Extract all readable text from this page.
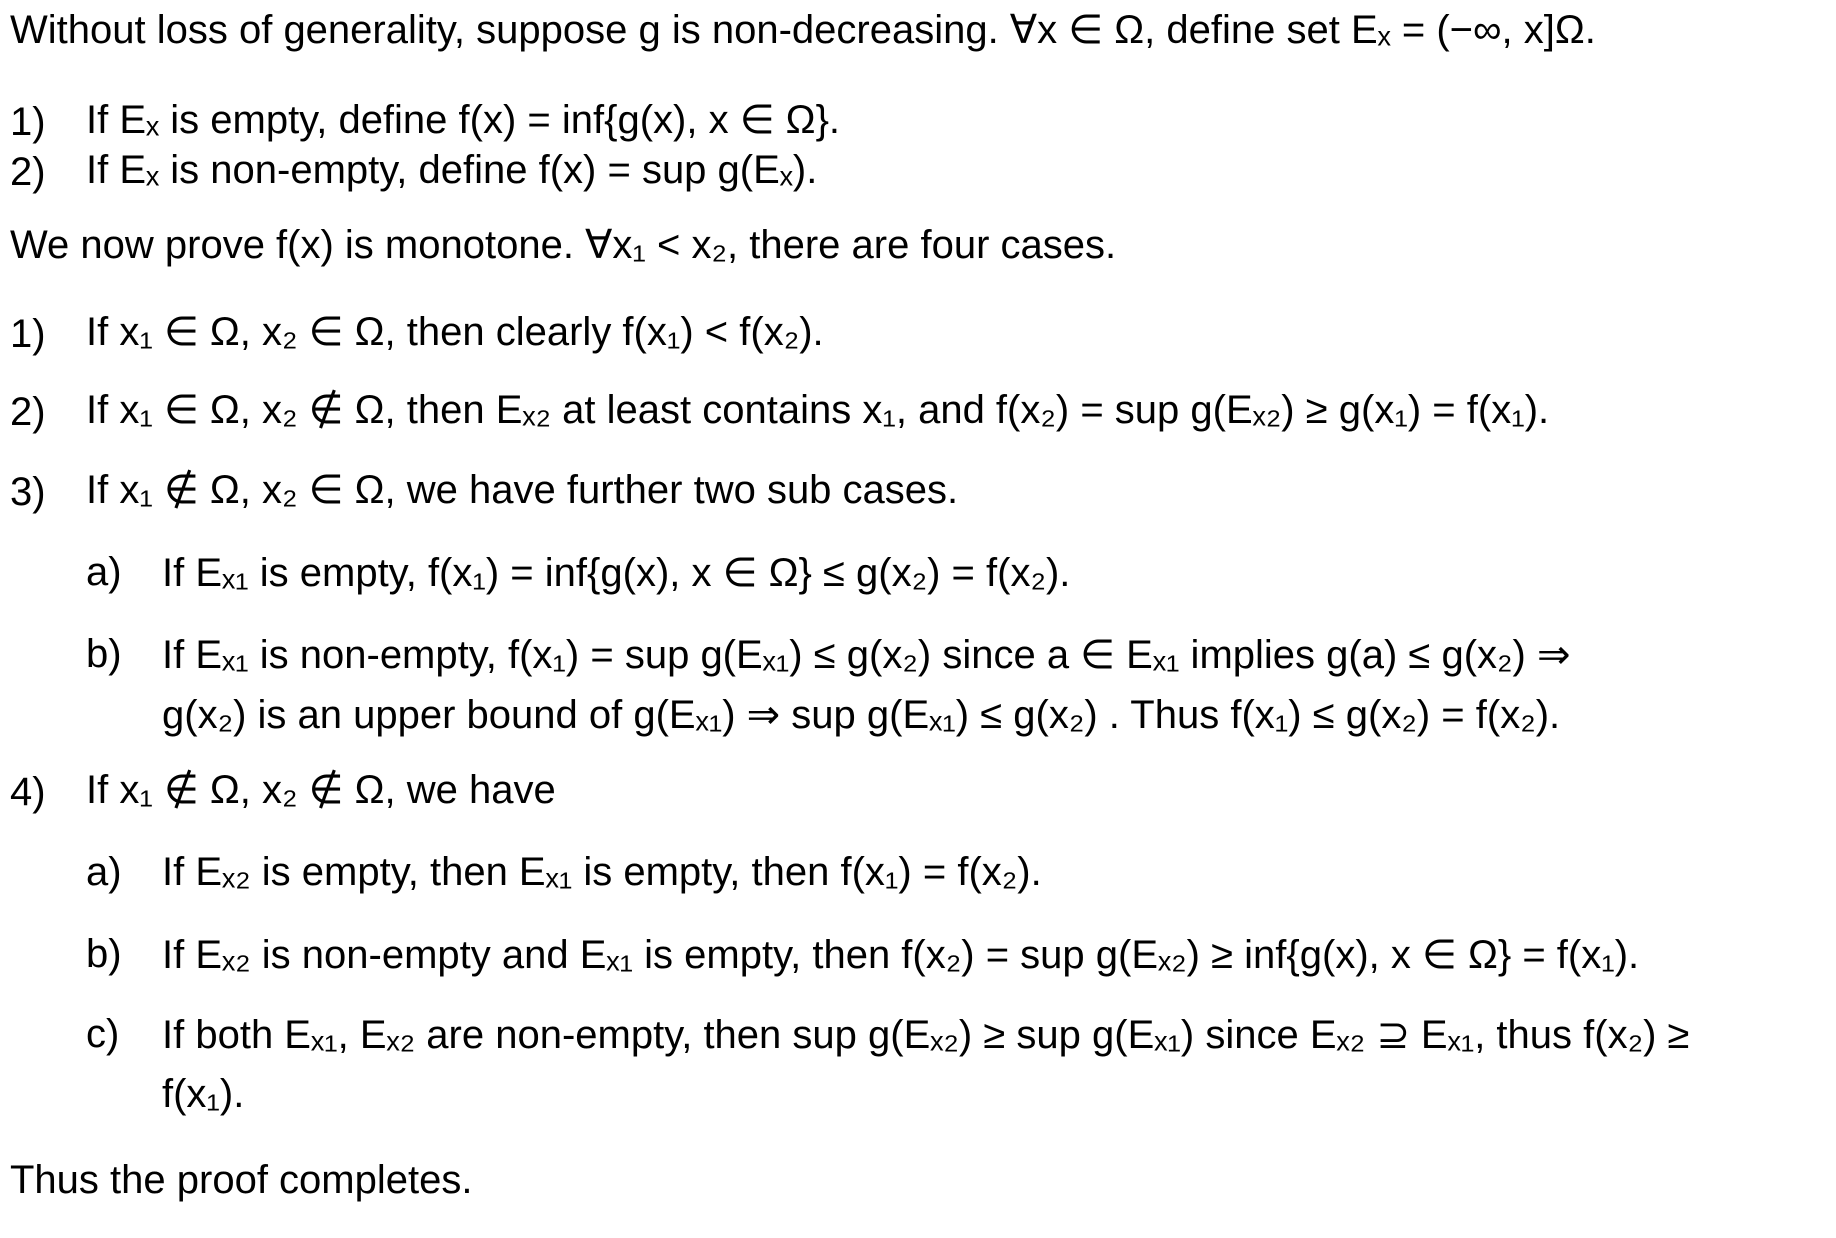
Without loss of generality, suppose g is non-decreasing. ∀x ∈ Ω, define set Eₓ = (−∞, x]Ω.
1) If Eₓ is empty, define f(x) = inf{g(x), x ∈ Ω}.
2) If Eₓ is non-empty, define f(x) = sup g(Eₓ).
We now prove f(x) is monotone. ∀x₁ < x₂, there are four cases.
1) If x₁ ∈ Ω, x₂ ∈ Ω, then clearly f(x₁) < f(x₂).
2) If x₁ ∈ Ω, x₂ ∉ Ω, then Eₓ₂ at least contains x₁, and f(x₂) = sup g(Eₓ₂) ≥ g(x₁) = f(x₁).
3) If x₁ ∉ Ω, x₂ ∈ Ω, we have further two sub cases.
a) If Eₓ₁ is empty, f(x₁) = inf{g(x), x ∈ Ω} ≤ g(x₂) = f(x₂).
b) If Eₓ₁ is non-empty, f(x₁) = sup g(Eₓ₁) ≤ g(x₂) since a ∈ Eₓ₁ implies g(a) ≤ g(x₂) ⇒
g(x₂) is an upper bound of g(Eₓ₁) ⇒ sup g(Eₓ₁) ≤ g(x₂) . Thus f(x₁) ≤ g(x₂) = f(x₂).
4) If x₁ ∉ Ω, x₂ ∉ Ω, we have
a) If Eₓ₂ is empty, then Eₓ₁ is empty, then f(x₁) = f(x₂).
b) If Eₓ₂ is non-empty and Eₓ₁ is empty, then f(x₂) = sup g(Eₓ₂) ≥ inf{g(x), x ∈ Ω} = f(x₁).
c) If both Eₓ₁, Eₓ₂ are non-empty, then sup g(Eₓ₂) ≥ sup g(Eₓ₁) since Eₓ₂ ⊇ Eₓ₁, thus f(x₂) ≥
f(x₁).
Thus the proof completes.
